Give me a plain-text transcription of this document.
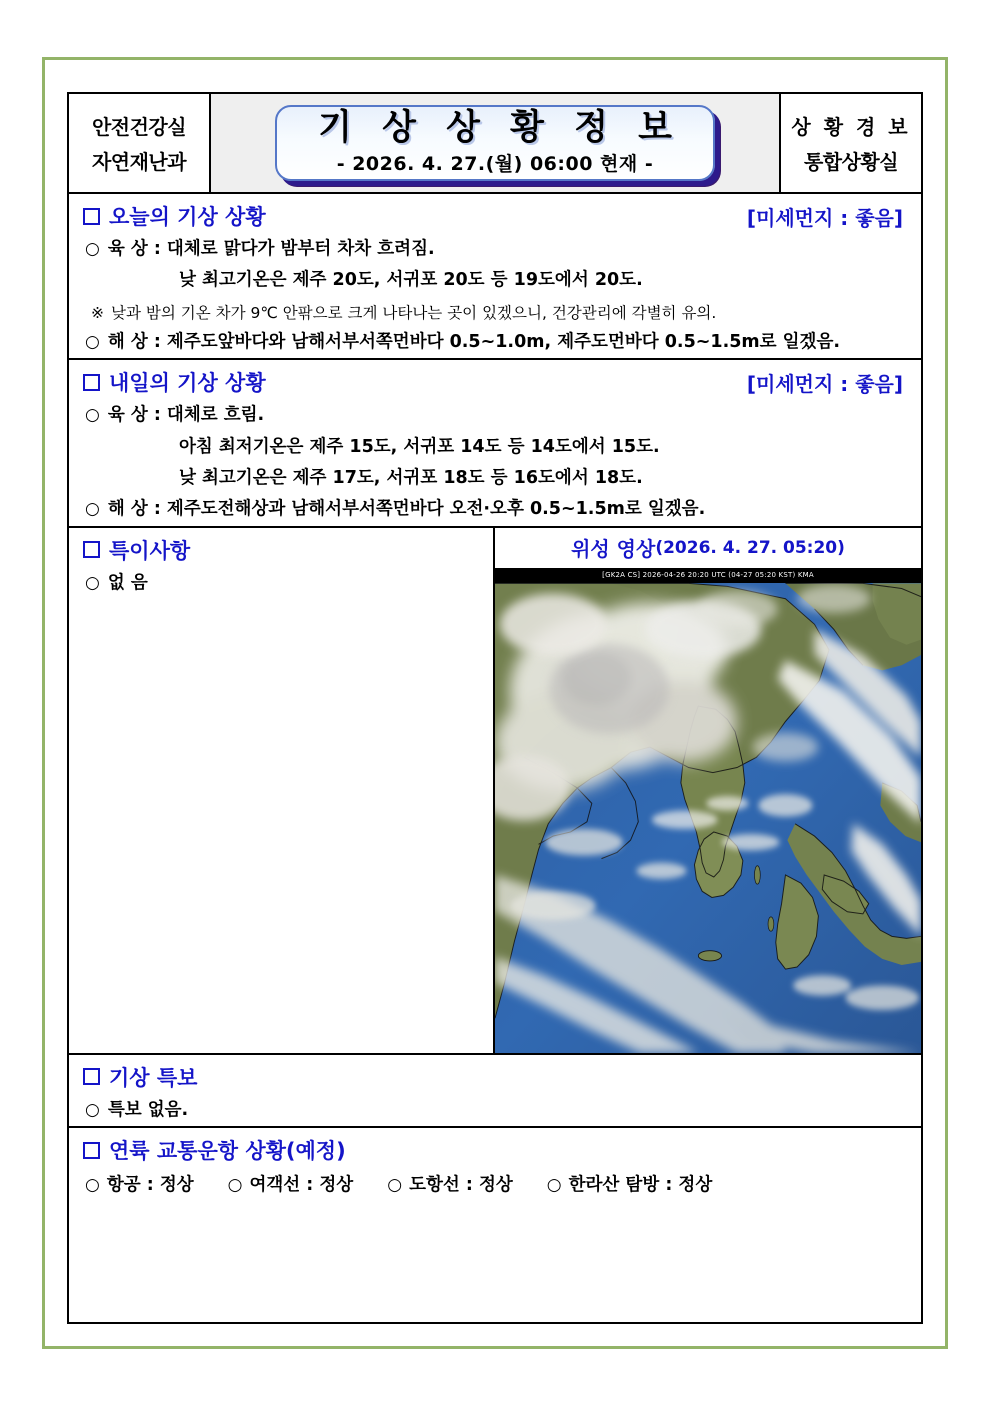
안전건강실
자연재난과
기 상 상 황 정 보
- 2026. 4. 27.(월) 06:00 현재 -
상 황 경 보
통합상황실
오늘의 기상 상황	[미세먼지 : 좋음]
○ 육 상 : 대체로 맑다가 밤부터 차차 흐려짐.
낮 최고기온은 제주 20도, 서귀포 20도 등 19도에서 20도.
※ 낮과 밤의 기온 차가 9℃ 안팎으로 크게 나타나는 곳이 있겠으니, 건강관리에 각별히 유의.
○ 해 상 : 제주도앞바다와 남해서부서쪽먼바다 0.5~1.0m, 제주도먼바다 0.5~1.5m로 일겠음.
내일의 기상 상황	[미세먼지 : 좋음]
○ 육 상 : 대체로 흐림.
아침 최저기온은 제주 15도, 서귀포 14도 등 14도에서 15도.
낮 최고기온은 제주 17도, 서귀포 18도 등 16도에서 18도.
○ 해 상 : 제주도전해상과 남해서부서쪽먼바다 오전·오후 0.5~1.5m로 일겠음.
특이사항
○ 없 음
위성 영상 (2026. 4. 27. 05:20)
[GK2A CS] 2026-04-26 20:20 UTC (04-27 05:20 KST) KMA
기상 특보
○ 특보 없음.
연륙 교통운항 상황(예정)
○ 항공 : 정상 ○ 여객선 : 정상 ○ 도항선 : 정상 ○ 한라산 탐방 : 정상
